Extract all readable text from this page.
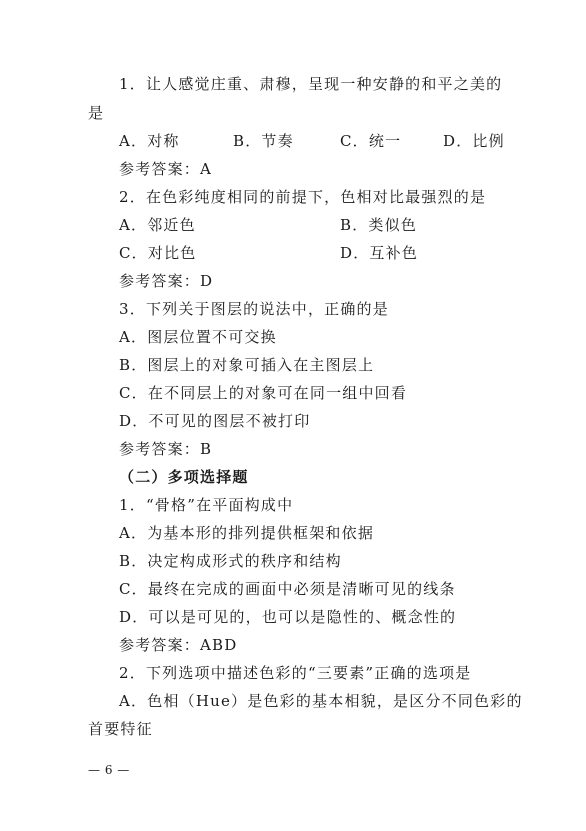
1．让人感觉庄重、肃穆，呈现一种安静的和平之美的
是
A．对称	B．节奏	C．统一	D．比例
参考答案：A
2．在色彩纯度相同的前提下，色相对比最强烈的是
A．邻近色	B．类似色
C．对比色	D．互补色
参考答案：D
3．下列关于图层的说法中，正确的是
A．图层位置不可交换
B．图层上的对象可插入在主图层上
C．在不同层上的对象可在同一组中回看
D．不可见的图层不被打印
参考答案：B
（二）多项选择题
1．“骨格”在平面构成中
A．为基本形的排列提供框架和依据
B．决定构成形式的秩序和结构
C．最终在完成的画面中必须是清晰可见的线条
D．可以是可见的，也可以是隐性的、概念性的
参考答案：ABD
2．下列选项中描述色彩的“三要素”正确的选项是
A．色相（Hue）是色彩的基本相貌，是区分不同色彩的
首要特征
— 6 —
